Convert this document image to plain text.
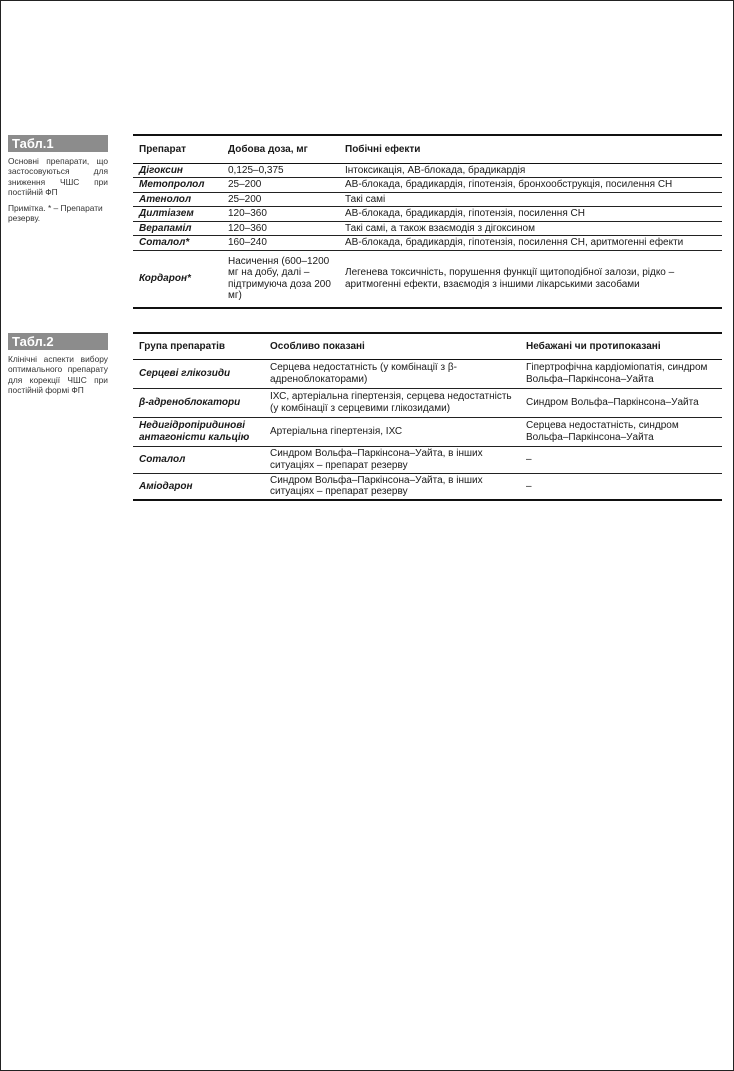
Табл.1
Основні препарати, що застосовуються для зниження ЧШС при постійній ФП
Примітка. * – Препарати резерву.
Препарат	Добова доза, мг	Побічні ефекти
Дігоксин	0,125–0,375	Інтоксикація, АВ-блокада, брадикардія
Метопролол	25–200	АВ-блокада, брадикардія, гіпотензія, бронхообструкція, посилення СН
Атенолол	25–200	Такі самі
Дилтіазем	120–360	АВ-блокада, брадикардія, гіпотензія, посилення СН
Верапаміл	120–360	Такі самі, а також взаємодія з дігоксином
Соталол*	160–240	АВ-блокада, брадикардія, гіпотензія, посилення СН, аритмогенні ефекти
Кордарон*	Насичення (600–1200 мг на добу, далі – підтримуюча доза 200 мг)	Легенева токсичність, порушення функції щитоподібної залози, рідко – аритмогенні ефекти, взаємодія з іншими лікарськими засобами
Табл.2
Клінічні аспекти вибору оптимального препарату для корекції ЧШС при постійній формі ФП
Група препаратів	Особливо показані	Небажані чи протипоказані
Серцеві глікозиди	Серцева недостатність (у комбінації з β-адреноблокаторами)	Гіпертрофічна кардіоміопатія, синдром Вольфа–Паркінсона–Уайта
β-адреноблокатори	ІХС, артеріальна гіпертензія, серцева недостатність (у комбінації з серцевими глікозидами)	Синдром Вольфа–Паркінсона–Уайта
Недигідропіридинові антагоністи кальцію	Артеріальна гіпертензія, ІХС	Серцева недостатність, синдром Вольфа–Паркінсона–Уайта
Соталол	Синдром Вольфа–Паркінсона–Уайта, в інших ситуаціях – препарат резерву	–
Аміодарон	Синдром Вольфа–Паркінсона–Уайта, в інших ситуаціях – препарат резерву	–
